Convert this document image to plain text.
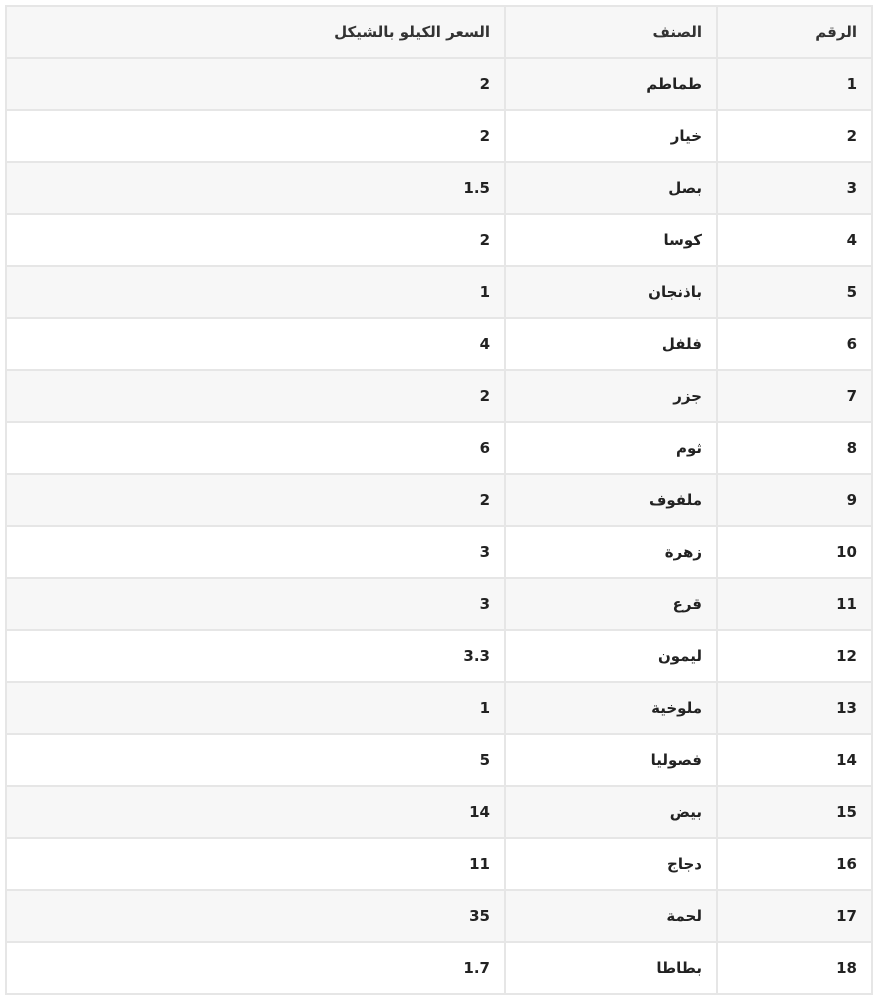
الرقم	الصنف	السعر الكيلو بالشيكل
1	طماطم	2
2	خيار	2
3	بصل	1.5
4	كوسا	2
5	باذنجان	1
6	فلفل	4
7	جزر	2
8	ثوم	6
9	ملفوف	2
10	زهرة	3
11	قرع	3
12	ليمون	3.3
13	ملوخية	1
14	فصوليا	5
15	بيض	14
16	دجاج	11
17	لحمة	35
18	بطاطا	1.7
